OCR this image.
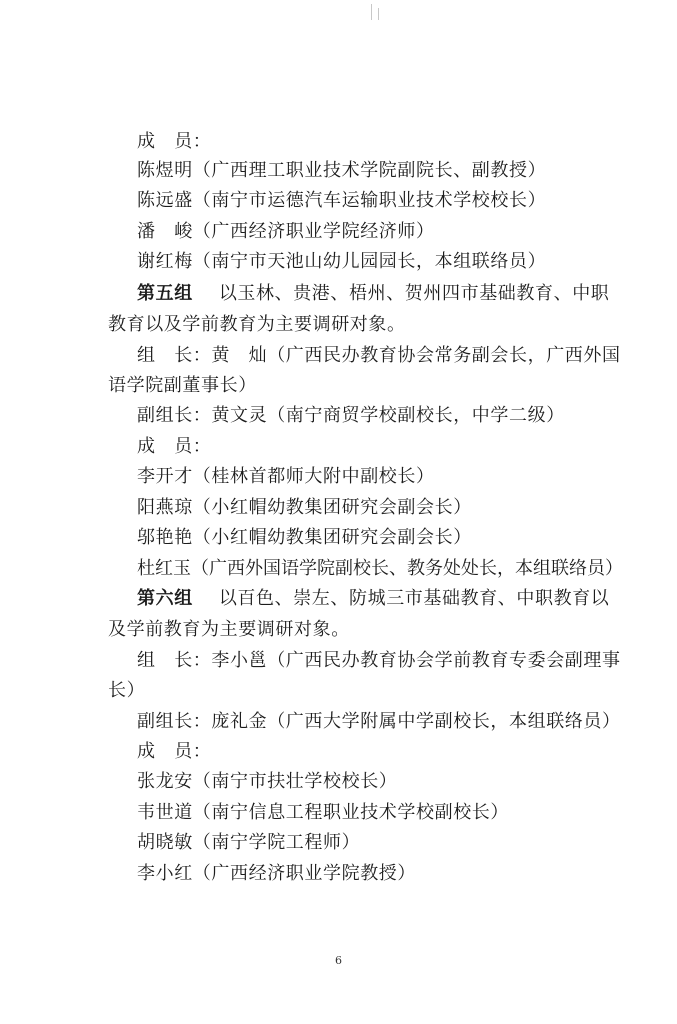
成　员：
陈煜明（广西理工职业技术学院副院长、副教授）
陈远盛（南宁市运德汽车运输职业技术学校校长）
潘　峻（广西经济职业学院经济师）
谢红梅（南宁市天池山幼儿园园长，本组联络员）
第五组 以玉林、贵港、梧州、贺州四市基础教育、中职
教育以及学前教育为主要调研对象。
组　长：黄　灿（广西民办教育协会常务副会长，广西外国
语学院副董事长）
副组长：黄文灵（南宁商贸学校副校长，中学二级）
成　员：
李开才（桂林首都师大附中副校长）
阳燕琼（小红帽幼教集团研究会副会长）
邬艳艳（小红帽幼教集团研究会副会长）
杜红玉（广西外国语学院副校长、教务处处长，本组联络员）
第六组 以百色、崇左、防城三市基础教育、中职教育以
及学前教育为主要调研对象。
组　长：李小邕（广西民办教育协会学前教育专委会副理事
长）
副组长：庞礼金（广西大学附属中学副校长，本组联络员）
成　员：
张龙安（南宁市扶壮学校校长）
韦世道（南宁信息工程职业技术学校副校长）
胡晓敏（南宁学院工程师）
李小红（广西经济职业学院教授）
6
